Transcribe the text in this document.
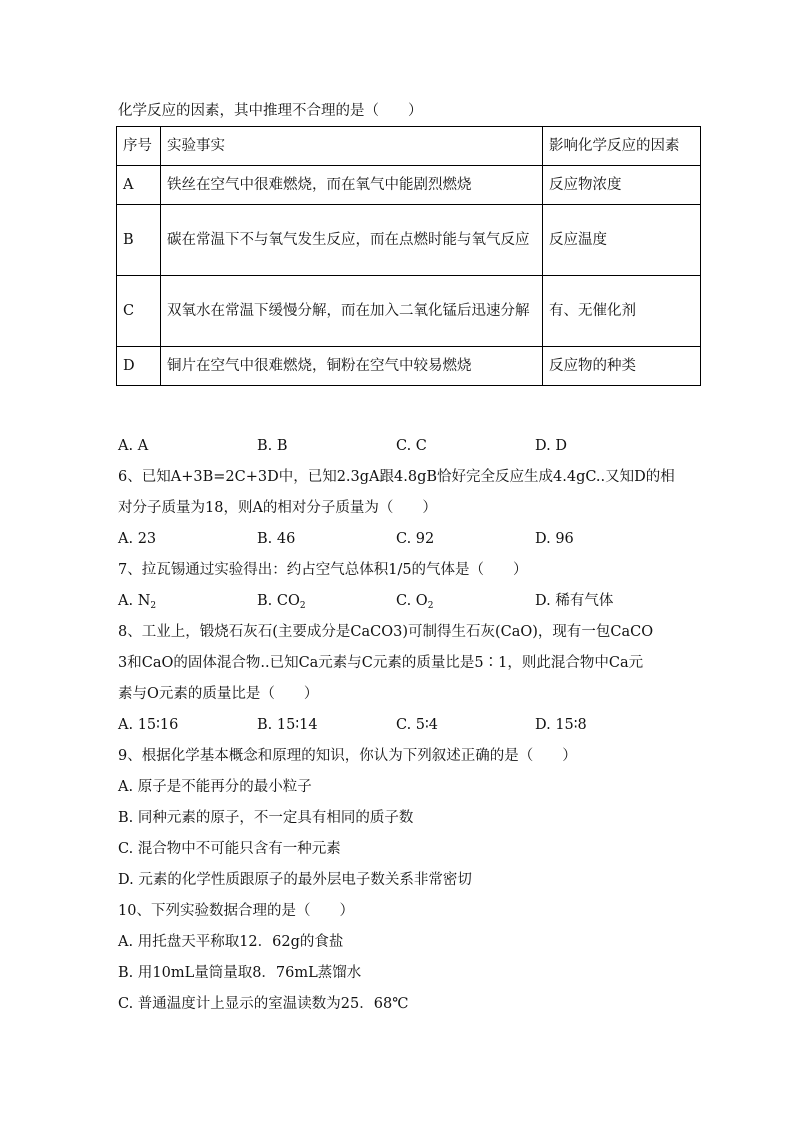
化学反应的因素，其中推理不合理的是（　　）
序号	实验事实	影响化学反应的因素
A	铁丝在空气中很难燃烧，而在氧气中能剧烈燃烧	反应物浓度
B	碳在常温下不与氧气发生反应，而在点燃时能与氧气反应	反应温度
C	双氧水在常温下缓慢分解，而在加入二氧化锰后迅速分解	有、无催化剂
D	铜片在空气中很难燃烧，铜粉在空气中较易燃烧	反应物的种类
A. A	B. B	C. C	D. D
6、已知A+3B=2C+3D中，已知2.3gA跟4.8gB恰好完全反应生成4.4gC..又知D的相
对分子质量为18，则A的相对分子质量为（　　）
A. 23	B. 46	C. 92	D. 96
7、拉瓦锡通过实验得出：约占空气总体积1/5的气体是（　　）
A. $N_2$	B. $CO_2$	C. $O_2$	D. 稀有气体
8、工业上，锻烧石灰石(主要成分是CaCO3)可制得生石灰(CaO)，现有一包CaCO
3和CaO的固体混合物..已知Ca元素与C元素的质量比是5∶1，则此混合物中Ca元
素与O元素的质量比是（　　）
A. 15∶16	B. 15∶14	C. 5∶4	D. 15∶8
9、根据化学基本概念和原理的知识，你认为下列叙述正确的是（　　）
A. 原子是不能再分的最小粒子
B. 同种元素的原子，不一定具有相同的质子数
C. 混合物中不可能只含有一种元素
D. 元素的化学性质跟原子的最外层电子数关系非常密切
10、下列实验数据合理的是（　　）
A. 用托盘天平称取12．62g的食盐
B. 用10mL量筒量取8．76mL蒸馏水
C. 普通温度计上显示的室温读数为25．68℃
